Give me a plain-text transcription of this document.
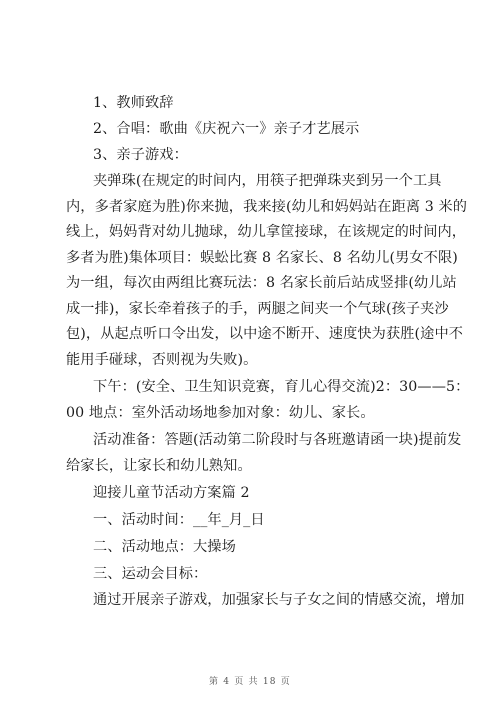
1、教师致辞
2、合唱：歌曲《庆祝六一》亲子才艺展示
3、亲子游戏：
夹弹珠(在规定的时间内，用筷子把弹珠夹到另一个工具
内，多者家庭为胜)你来抛，我来接(幼儿和妈妈站在距离 3 米的
线上，妈妈背对幼儿抛球，幼儿拿筐接球，在该规定的时间内，
多者为胜)集体项目：蜈蚣比赛 8 名家长、8 名幼儿(男女不限)
为一组，每次由两组比赛玩法：8 名家长前后站成竖排(幼儿站
成一排)，家长牵着孩子的手，两腿之间夹一个气球(孩子夹沙
包)，从起点听口令出发，以中途不断开、速度快为获胜(途中不
能用手碰球，否则视为失败)。
下午：(安全、卫生知识竞赛，育儿心得交流)2：30——5：
00 地点：室外活动场地参加对象：幼儿、家长。
活动准备：答题(活动第二阶段时与各班邀请函一块)提前发
给家长，让家长和幼儿熟知。
迎接儿童节活动方案篇 2
一、活动时间：__年_月_日
二、活动地点：大操场
三、运动会目标：
通过开展亲子游戏，加强家长与子女之间的情感交流，增加
第 4 页 共 18 页
